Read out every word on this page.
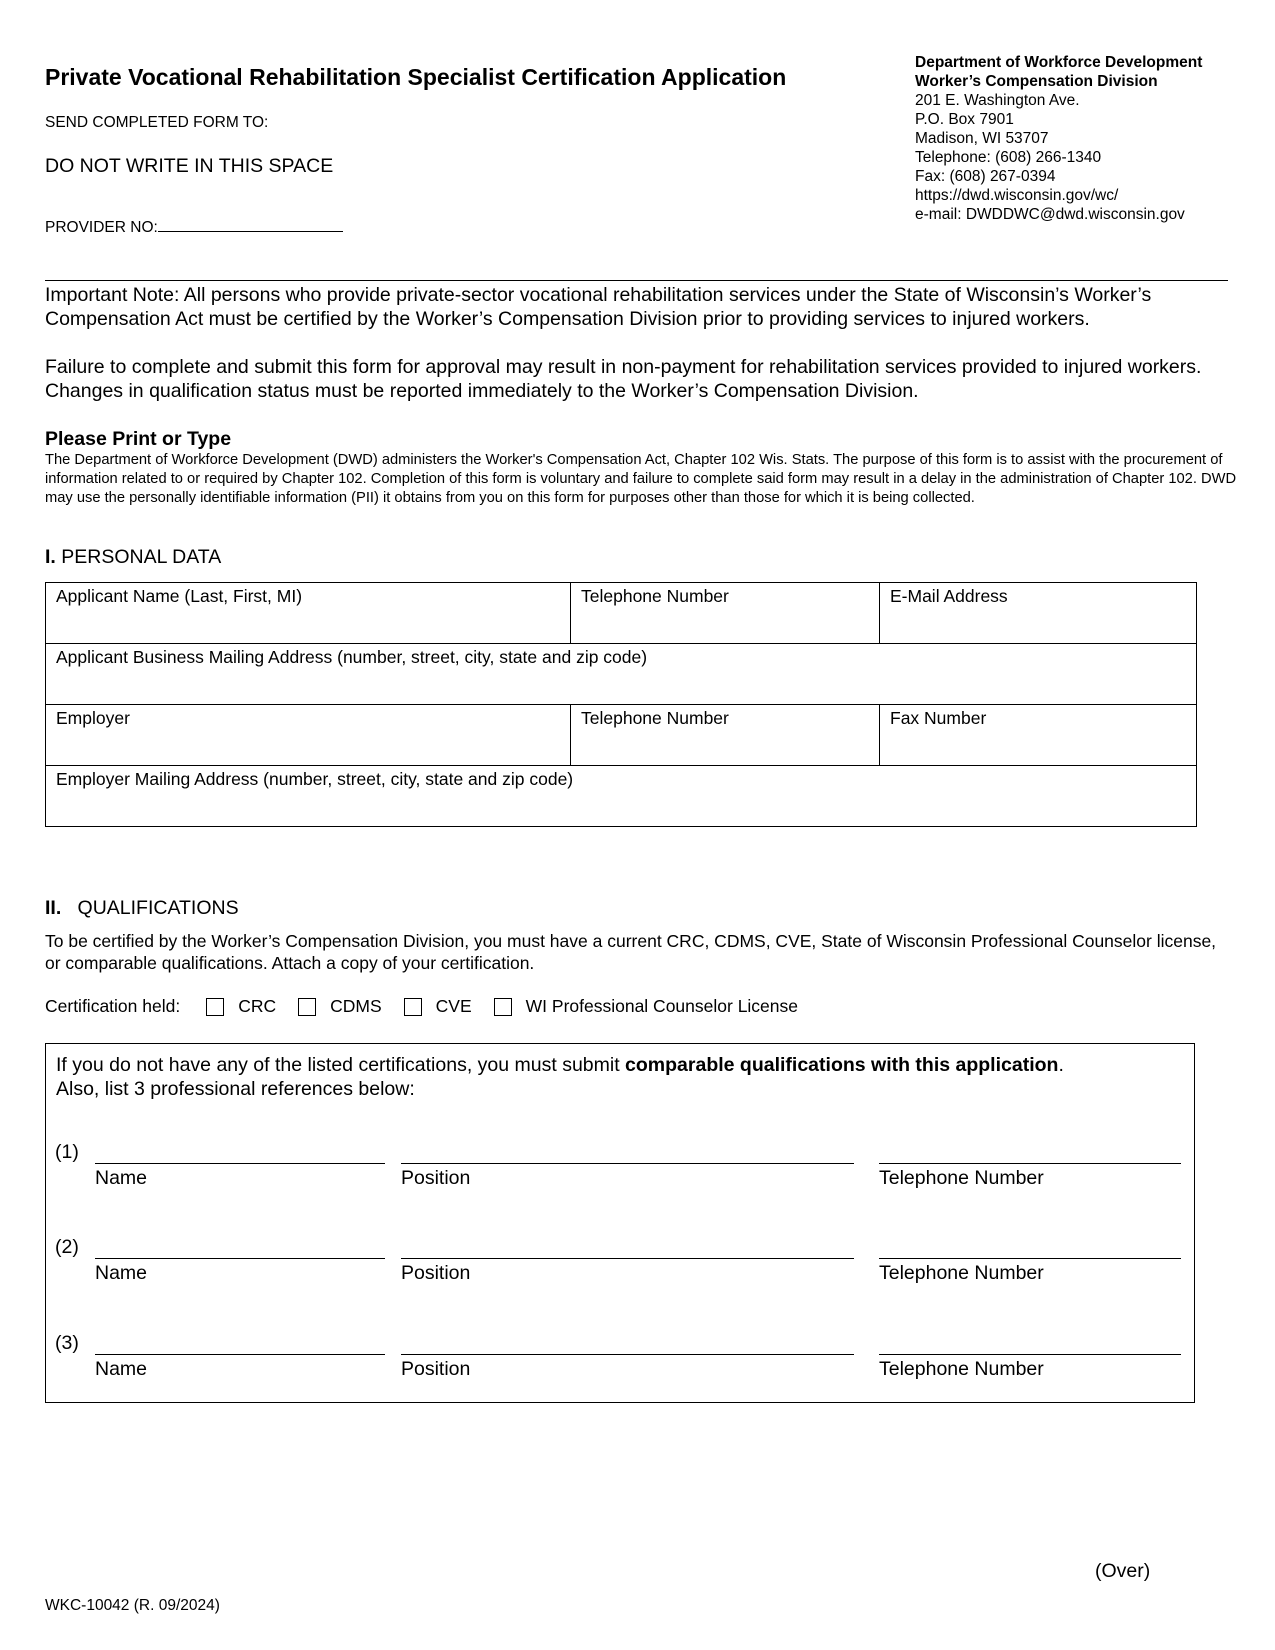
Private Vocational Rehabilitation Specialist Certification Application
SEND COMPLETED FORM TO:
DO NOT WRITE IN THIS SPACE
PROVIDER NO:
Department of Workforce Development
Worker’s Compensation Division
201 E. Washington Ave.
P.O. Box 7901
Madison, WI 53707
Telephone: (608) 266-1340
Fax: (608) 267-0394
https://dwd.wisconsin.gov/wc/
e-mail: DWDDWC@dwd.wisconsin.gov
Important Note: All persons who provide private-sector vocational rehabilitation services under the State of Wisconsin’s Worker’s Compensation Act must be certified by the Worker’s Compensation Division prior to providing services to injured workers.
Failure to complete and submit this form for approval may result in non-payment for rehabilitation services provided to injured workers. Changes in qualification status must be reported immediately to the Worker’s Compensation Division.
Please Print or Type
The Department of Workforce Development (DWD) administers the Worker's Compensation Act, Chapter 102 Wis. Stats. The purpose of this form is to assist with the procurement of information related to or required by Chapter 102. Completion of this form is voluntary and failure to complete said form may result in a delay in the administration of Chapter 102. DWD may use the personally identifiable information (PII) it obtains from you on this form for purposes other than those for which it is being collected.
I. PERSONAL DATA
Applicant Name (Last, First, MI)	Telephone Number	E-Mail Address
Applicant Business Mailing Address (number, street, city, state and zip code)
Employer	Telephone Number	Fax Number
Employer Mailing Address (number, street, city, state and zip code)
II. QUALIFICATIONS
To be certified by the Worker’s Compensation Division, you must have a current CRC, CDMS, CVE, State of Wisconsin Professional Counselor license, or comparable qualifications. Attach a copy of your certification.
Certification held:	CRC	CDMS	CVE	WI Professional Counselor License
If you do not have any of the listed certifications, you must submit comparable qualifications with this application.
Also, list 3 professional references below:
(1)
Name	Position	Telephone Number
(2)
Name	Position	Telephone Number
(3)
Name	Position	Telephone Number
(Over)
WKC-10042 (R. 09/2024)
